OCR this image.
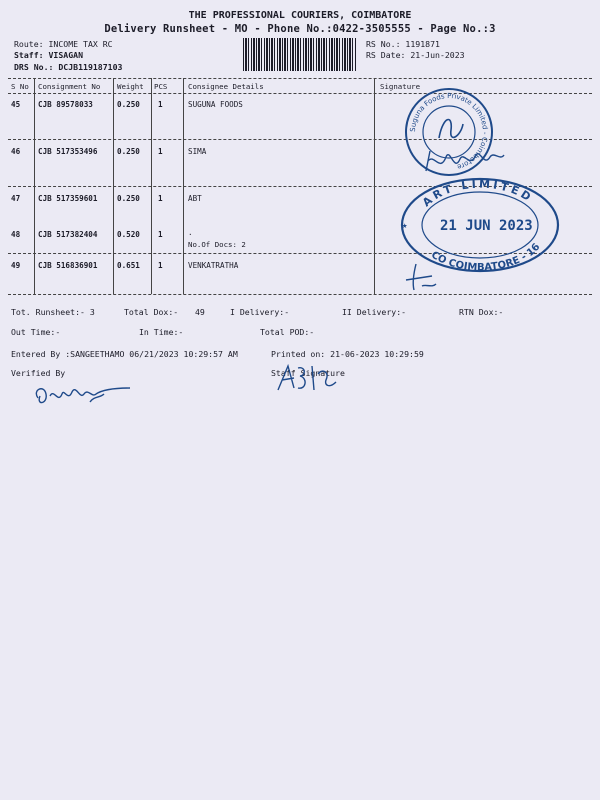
THE PROFESSIONAL COURIERS, COIMBATORE
Delivery Runsheet - MO - Phone No.:0422-3505555 - Page No.:3
Route: INCOME TAX RC
Staff: VISAGAN
DRS No.: DCJB119187103
RS No.: 1191871
RS Date: 21-Jun-2023
S No Consignment No Weight PCS	Consignee Details	Signature
45 CJB 89578033	0.250 1	SUGUNA FOODS
46 CJB 517353496	0.250 1	SIMA
47 CJB 517359601	0.250 1	ABT
48 CJB 517382404	0.520 1	.
No.Of Docs: 2
49 CJB 516836901	0.651 1	VENKATRATHA
Tot. Runsheet:- 3	Total Dox:- 49	I Delivery:-	II Delivery:-	RTN Dox:-
Out Time:-	In Time:-	Total POD:-
Entered By :SANGEETHAMO 06/21/2023 10:29:57 AM	Printed on: 21-06-2023 10:29:59
Verified By	Staff Signature
Suguna Foods Private Limited - Coimbatore
ART LIMITED
CO COIMBATORE - 16
★ 21 JUN 2023
